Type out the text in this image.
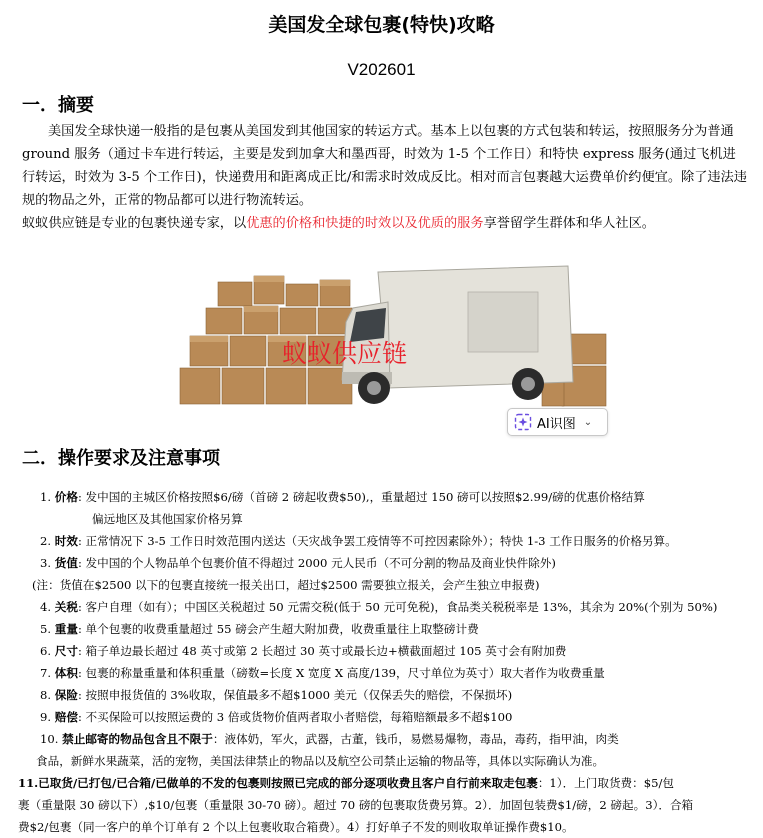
美国发全球包裹(特快)攻略
V202601
一．摘要

美国发全球快递一般指的是包裹从美国发到其他国家的转运方式。基本上以包裹的方式包装和转运，按照服务分为普通 ground 服务（通过卡车进行转运，主要是发到加拿大和墨西哥，时效为 1-5 个工作日）和特快 express 服务(通过飞机进行转运，时效为 3-5 个工作日)，快递费用和距离成正比/和需求时效成反比。相对而言包裹越大运费单价约便宜。除了违法违规的物品之外，正常的物品都可以进行物流转运。

蚁蚁供应链是专业的包裹快递专家，以优惠的价格和快捷的时效以及优质的服务享誉留学生群体和华人社区。

蚁蚁供应链
AI识图 ⌄
二．操作要求及注意事项
1. 价格: 发中国的主城区价格按照$6/磅（首磅 2 磅起收费$50),，重量超过 150 磅可以按照$2.99/磅的优惠价格结算
偏远地区及其他国家价格另算
2. 时效: 正常情况下 3-5 工作日时效范围内送达（天灾战争罢工疫情等不可控因素除外）；特快 1-3 工作日服务的价格另算。
3. 货值: 发中国的个人物品单个包裹价值不得超过 2000 元人民币（不可分割的物品及商业快件除外)
(注：货值在$2500 以下的包裹直接统一报关出口，超过$2500 需要独立报关，会产生独立申报费)
4. 关税: 客户自理（如有）；中国区关税超过 50 元需交税(低于 50 元可免税)，食品类关税税率是 13%，其余为 20%(个别为 50%)
5. 重量: 单个包裹的收费重量超过 55 磅会产生超大附加费，收费重量往上取整磅计费
6. 尺寸: 箱子单边最长超过 48 英寸或第 2 长超过 30 英寸或最长边+横截面超过 105 英寸会有附加费
7. 体积: 包裹的称量重量和体积重量（磅数=长度 X 宽度 X 高度/139，尺寸单位为英寸）取大者作为收费重量
8. 保险: 按照申报货值的 3%收取，保值最多不超$1000 美元（仅保丢失的赔偿，不保损坏)
9. 赔偿: 不买保险可以按照运费的 3 倍或货物价值两者取小者赔偿，每箱赔额最多不超$100
10. 禁止邮寄的物品包含且不限于：液体奶，军火，武器，古董，钱币，易燃易爆物，毒品，毒药，指甲油，肉类
食品，新鲜水果蔬菜，活的宠物，美国法律禁止的物品以及航空公司禁止运输的物品等，具体以实际确认为准。
11.已取货/已打包/已合箱/已做单的不发的包裹则按照已完成的部分逐项收费且客户自行前来取走包裹：1）．上门取货费：$5/包
裹（重量限 30 磅以下）,$10/包裹（重量限 30-70 磅）。超过 70 磅的包裹取货费另算。2）．加固包装费$1/磅，2 磅起。3）．合箱
费$2/包裹（同一客户的单个订单有 2 个以上包裹收取合箱费）。4）打好单子不发的则收取单证操作费$10。
